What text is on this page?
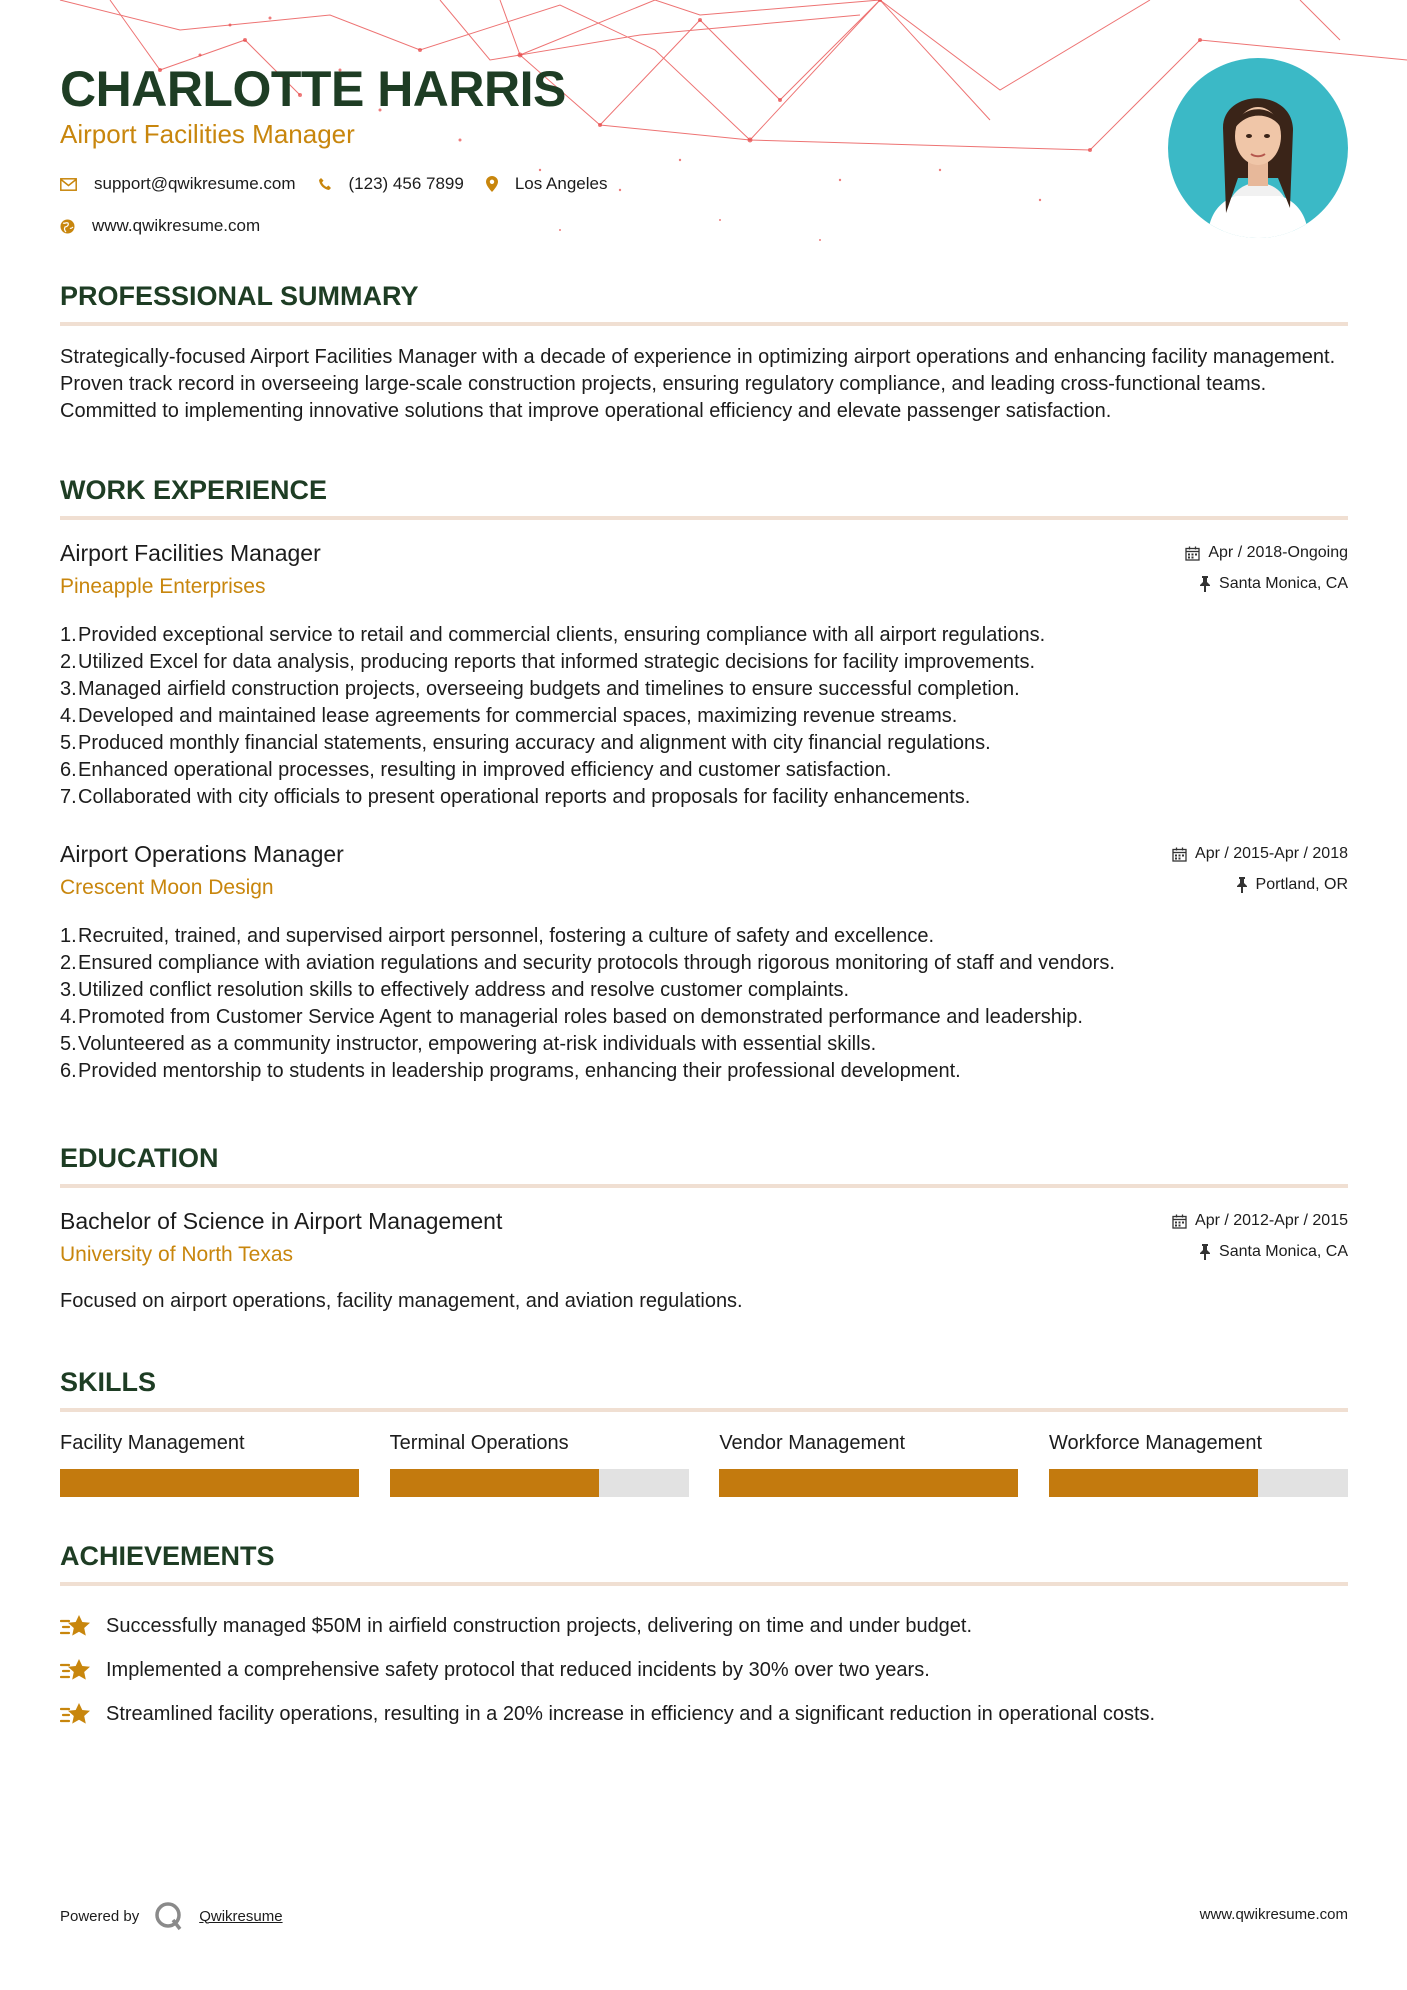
CHARLOTTE HARRIS
Airport Facilities Manager
support@qwikresume.com	(123) 456 7899	Los Angeles
www.qwikresume.com
PROFESSIONAL SUMMARY
Strategically-focused Airport Facilities Manager with a decade of experience in optimizing airport operations and enhancing facility management. Proven track record in overseeing large-scale construction projects, ensuring regulatory compliance, and leading cross-functional teams. Committed to implementing innovative solutions that improve operational efficiency and elevate passenger satisfaction.
WORK EXPERIENCE
Airport Facilities Manager
Pineapple Enterprises
Apr / 2018-Ongoing
Santa Monica, CA
1. Provided exceptional service to retail and commercial clients, ensuring compliance with all airport regulations.
2. Utilized Excel for data analysis, producing reports that informed strategic decisions for facility improvements.
3. Managed airfield construction projects, overseeing budgets and timelines to ensure successful completion.
4. Developed and maintained lease agreements for commercial spaces, maximizing revenue streams.
5. Produced monthly financial statements, ensuring accuracy and alignment with city financial regulations.
6. Enhanced operational processes, resulting in improved efficiency and customer satisfaction.
7. Collaborated with city officials to present operational reports and proposals for facility enhancements.
Airport Operations Manager
Crescent Moon Design
Apr / 2015-Apr / 2018
Portland, OR
1. Recruited, trained, and supervised airport personnel, fostering a culture of safety and excellence.
2. Ensured compliance with aviation regulations and security protocols through rigorous monitoring of staff and vendors.
3. Utilized conflict resolution skills to effectively address and resolve customer complaints.
4. Promoted from Customer Service Agent to managerial roles based on demonstrated performance and leadership.
5. Volunteered as a community instructor, empowering at-risk individuals with essential skills.
6. Provided mentorship to students in leadership programs, enhancing their professional development.
EDUCATION
Bachelor of Science in Airport Management
University of North Texas
Apr / 2012-Apr / 2015
Santa Monica, CA
Focused on airport operations, facility management, and aviation regulations.
SKILLS
Facility Management	Terminal Operations	Vendor Management	Workforce Management
ACHIEVEMENTS
Successfully managed $50M in airfield construction projects, delivering on time and under budget.
Implemented a comprehensive safety protocol that reduced incidents by 30% over two years.
Streamlined facility operations, resulting in a 20% increase in efficiency and a significant reduction in operational costs.
Powered by	Qwikresume	www.qwikresume.com
